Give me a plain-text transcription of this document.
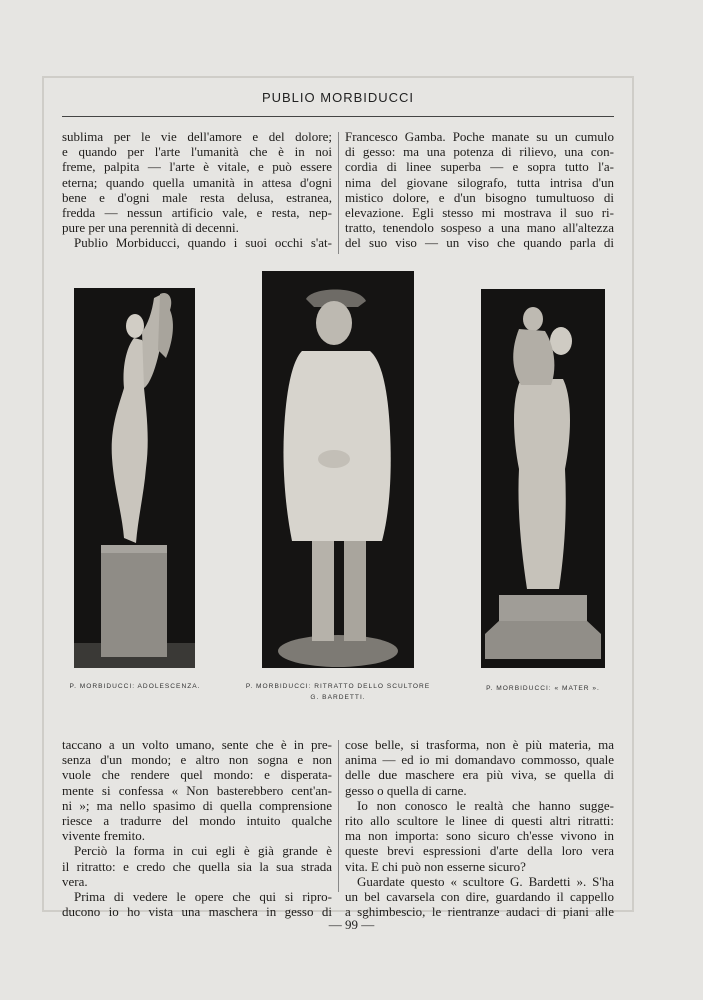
PUBLIO MORBIDUCCI
sublima per le vie dell'amore e del dolore;
e quando per l'arte l'umanità che è in noi
freme, palpita — l'arte è vitale, e può essere
eterna; quando quella umanità in attesa d'ogni
bene e d'ogni male resta delusa, estranea,
fredda — nessun artificio vale, e resta, nep-
pure per una perennità di decenni.
Publio Morbiducci, quando i suoi occhi s'at-
Francesco Gamba. Poche manate su un cumulo
di gesso: ma una potenza di rilievo, una con-
cordia di linee superba — e sopra tutto l'a-
nima del giovane silografo, tutta intrisa d'un
mistico dolore, e d'un bisogno tumultuoso di
elevazione. Egli stesso mi mostrava il suo ri-
tratto, tenendolo sospeso a una mano all'altezza
del suo viso — un viso che quando parla di
P. MORBIDUCCI: ADOLESCENZA.	P. MORBIDUCCI: RITRATTO DELLO SCULTORE
G. BARDETTI.
P. MORBIDUCCI: « MATER ».

taccano a un volto umano, sente che è in pre-
senza d'un mondo; e altro non sogna e non
vuole che rendere quel mondo: e disperata-
mente si confessa « Non basterebbero cent'an-
ni »; ma nello spasimo di quella comprensione
riesce a tradurre del mondo intuito qualche
vivente fremito.

Perciò la forma in cui egli è già grande è
il ritratto: e credo che quella sia la sua strada
vera.

Prima di vedere le opere che qui si ripro-
ducono io ho vista una maschera in gesso di

cose belle, si trasforma, non è più materia, ma
anima — ed io mi domandavo commosso, quale
delle due maschere era più viva, se quella di
gesso o quella di carne.

Io non conosco le realtà che hanno sugge-
rito allo scultore le linee di questi altri ritratti:
ma non importa: sono sicuro ch'esse vivono in
queste brevi espressioni d'arte della loro vera
vita. E chi può non esserne sicuro?

Guardate questo « scultore G. Bardetti ». S'ha
un bel cavarsela con dire, guardando il cappello
a sghimbescio, le rientranze audaci di piani alle

— 99 —
